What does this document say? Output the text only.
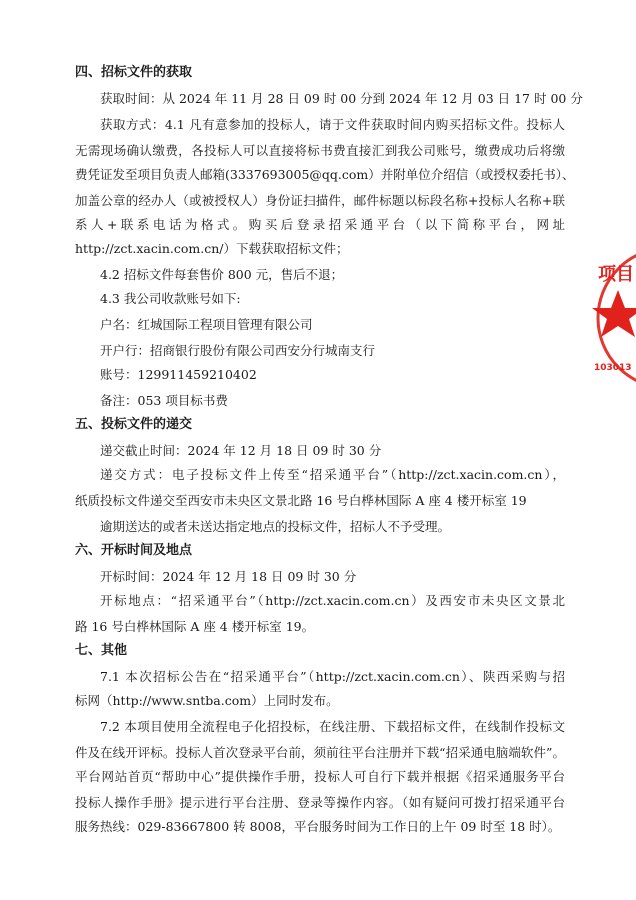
四、招标文件的获取
获取时间：从 2024 年 11 月 28 日 09 时 00 分到 2024 年 12 月 03 日 17 时 00 分
获取方式：4.1 凡有意参加的投标人，请于文件获取时间内购买招标文件。投标人
无需现场确认缴费，各投标人可以直接将标书费直接汇到我公司账号，缴费成功后将缴
费凭证发至项目负责人邮箱(3337693005@qq.com）并附单位介绍信（或授权委托书）、
加盖公章的经办人（或被授权人）身份证扫描件，邮件标题以标段名称+投标人名称+联
系人+联系电话为格式。购买后登录招采通平台（以下简称平台，网址
http://zct.xacin.com.cn/）下载获取招标文件；
4.2 招标文件每套售价 800 元，售后不退；
4.3 我公司收款账号如下:
户名：红城国际工程项目管理有限公司
开户行：招商银行股份有限公司西安分行城南支行
账号：129911459210402
备注：053 项目标书费
五、投标文件的递交
递交截止时间：2024 年 12 月 18 日 09 时 30 分
递交方式：电子投标文件上传至“招采通平台”（http://zct.xacin.com.cn），
纸质投标文件递交至西安市未央区文景北路 16 号白桦林国际 A 座 4 楼开标室 19
逾期送达的或者未送达指定地点的投标文件，招标人不予受理。
六、开标时间及地点
开标时间：2024 年 12 月 18 日 09 时 30 分
开标地点：“招采通平台”（http://zct.xacin.com.cn）及西安市未央区文景北
路 16 号白桦林国际 A 座 4 楼开标室 19。
七、其他
7.1 本次招标公告在“招采通平台”（http://zct.xacin.com.cn）、陕西采购与招
标网（http://www.sntba.com）上同时发布。
7.2 本项目使用全流程电子化招投标，在线注册、下载招标文件，在线制作投标文
件及在线开评标。投标人首次登录平台前，须前往平台注册并下载“招采通电脑端软件”。
平台网站首页“帮助中心”提供操作手册，投标人可自行下载并根据《招采通服务平台
投标人操作手册》提示进行平台注册、登录等操作内容。（如有疑问可拨打招采通平台
服务热线：029-83667800 转 8008，平台服务时间为工作日的上午 09 时至 18 时）。
项目
103013
